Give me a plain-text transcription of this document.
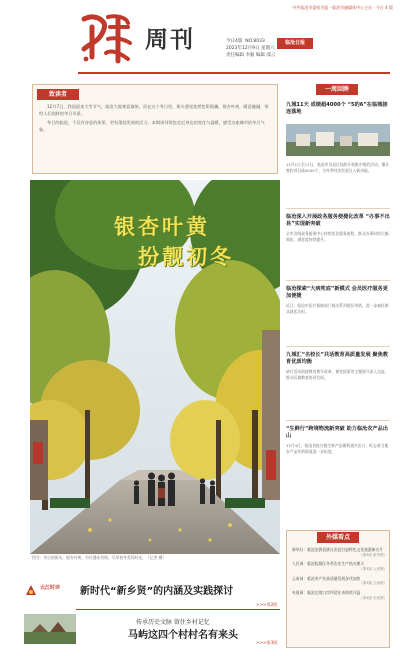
中共临沧市委机关报 · 临沧市融媒体中心主办 · 今日 4 版
周刊	今日4版 NO.8033
2023年12月9日 星期六
责任编辑 李毅 编辑 邵云
临沧日报
致读者

12月7日，我国迎来大雪节气，临沧大地寒意渐浓。而在这个冬日里，街头巷尾依然色彩斑斓，银杏叶黄，暖意融融，带给人们别样的冬日风景。

冬日的临沧，不仅有诗意的街景，更有蓬勃发展的活力。本期周刊带您走近身边的变化与温暖，感受这座城市的冬日气象。

银杏叶黄
扮靓初冬
图为：冬日的街头，银杏叶黄，市民漫步其间，尽享初冬美好时光。（记者 摄）
一周回眸
九城11天 成绩超4000个 “5的6”在临城接连落地
12月1日至11日，临沧市各县区陆续开展集中签约活动，累计签约项目逾4000个，为冬季经济发展注入新动能。
临沧深入开展政务服务便捷化改革 “办事不出县”实现新突破
全市各级政务服务中心持续优化服务流程，群众办事时间大幅缩短，满意度持续提升。
临沧探索“大病兜底”新模式 会员医疗服务更加便捷
近日，临沧市医疗保障部门推出系列便民举措，进一步减轻群众就医负担。
九城汇“名校长”共话教育高质量发展 聚焦教育优质均衡
研讨活动围绕教育教学改革、课堂提质等主题展开深入交流，推动区域教育协同发展。
“生鲜行”跨境物流新突破 助力临沧农产品出山
12月4日，临沧首批冷链生鲜产品顺利通关出口，标志着当地农产品外销渠道进一步拓宽。
外媒看点
新华社：临沧沧源佤族自治县打造特色文化旅游新名片
（第2版 新华网）
人民网：临沧临翔区冬季农业生产热火朝天
（第3版 人民网）
云南网：临沧茶产业高质量发展步伐加快
（第3版 云南网）
央视网：临沧边境口岸经贸往来持续升温
（第4版 央视网）
云江时评 新时代“新乡贤”的内涵及实践探讨
>>>第2版
传承历史文脉 留住乡村记忆
马屿这四个村村名有来头
>>>第3版
